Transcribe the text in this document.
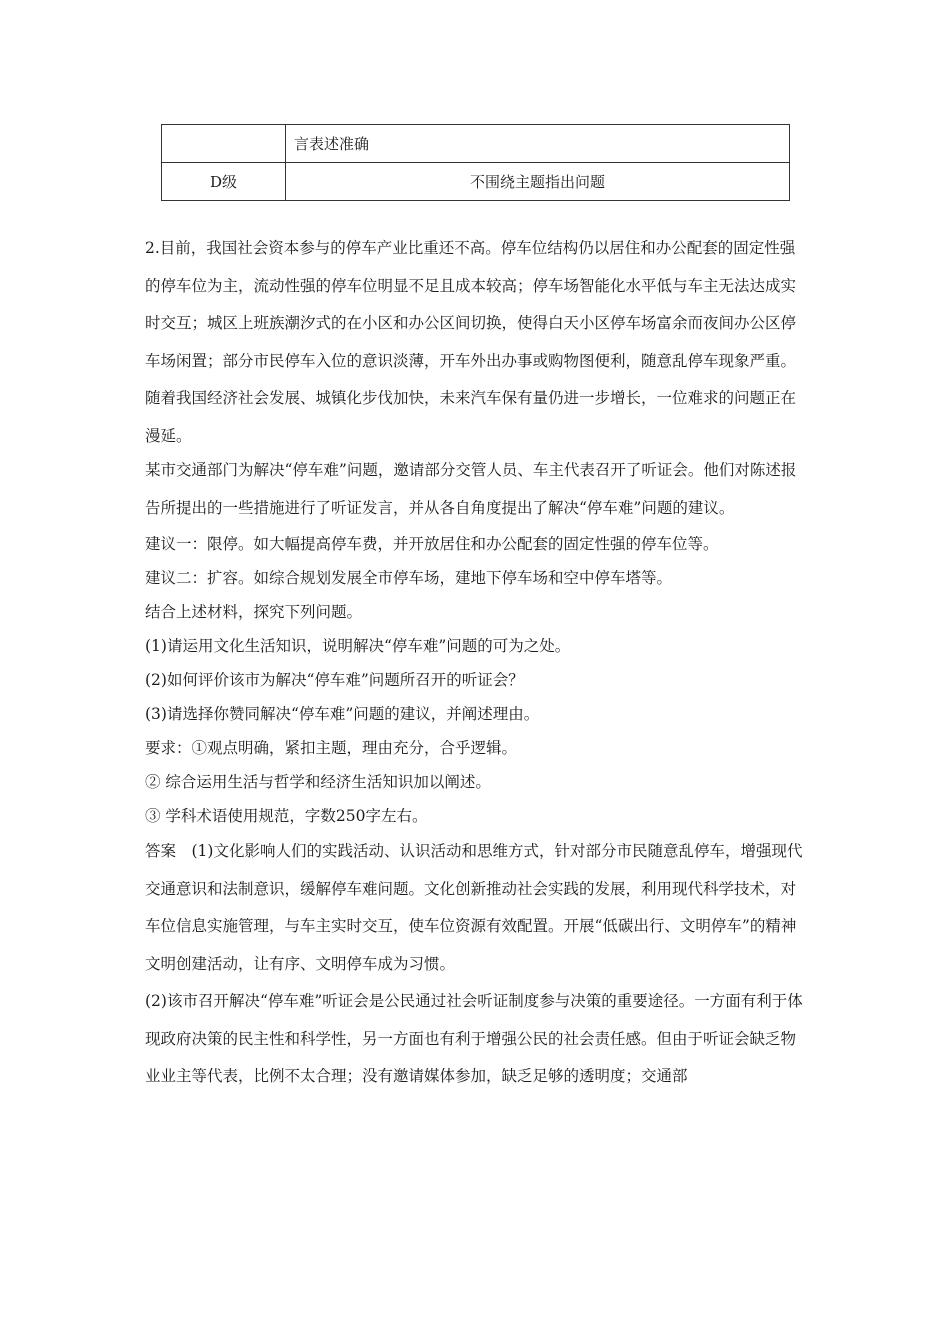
	言表述准确
D级	不围绕主题指出问题

2.目前，我国社会资本参与的停车产业比重还不高。停车位结构仍以居住和办公配套的固定性强的停车位为主，流动性强的停车位明显不足且成本较高；停车场智能化水平低与车主无法达成实时交互；城区上班族潮汐式的在小区和办公区间切换，使得白天小区停车场富余而夜间办公区停车场闲置；部分市民停车入位的意识淡薄，开车外出办事或购物图便利，随意乱停车现象严重。随着我国经济社会发展、城镇化步伐加快，未来汽车保有量仍进一步增长，一位难求的问题正在漫延。

某市交通部门为解决“停车难”问题，邀请部分交管人员、车主代表召开了听证会。他们对陈述报告所提出的一些措施进行了听证发言，并从各自角度提出了解决“停车难”问题的建议。

建议一：限停。如大幅提高停车费，并开放居住和办公配套的固定性强的停车位等。

建议二：扩容。如综合规划发展全市停车场，建地下停车场和空中停车塔等。

结合上述材料，探究下列问题。

(1)请运用文化生活知识，说明解决“停车难”问题的可为之处。

(2)如何评价该市为解决“停车难”问题所召开的听证会？

(3)请选择你赞同解决“停车难”问题的建议，并阐述理由。

要求：①观点明确，紧扣主题，理由充分，合乎逻辑。

② 综合运用生活与哲学和经济生活知识加以阐述。

③ 学科术语使用规范，字数250字左右。

答案　(1)文化影响人们的实践活动、认识活动和思维方式，针对部分市民随意乱停车，增强现代交通意识和法制意识，缓解停车难问题。文化创新推动社会实践的发展，利用现代科学技术，对车位信息实施管理，与车主实时交互，使车位资源有效配置。开展“低碳出行、文明停车”的精神文明创建活动，让有序、文明停车成为习惯。

(2)该市召开解决“停车难”听证会是公民通过社会听证制度参与决策的重要途径。一方面有利于体现政府决策的民主性和科学性，另一方面也有利于增强公民的社会责任感。但由于听证会缺乏物业业主等代表，比例不太合理；没有邀请媒体参加，缺乏足够的透明度；交通部
